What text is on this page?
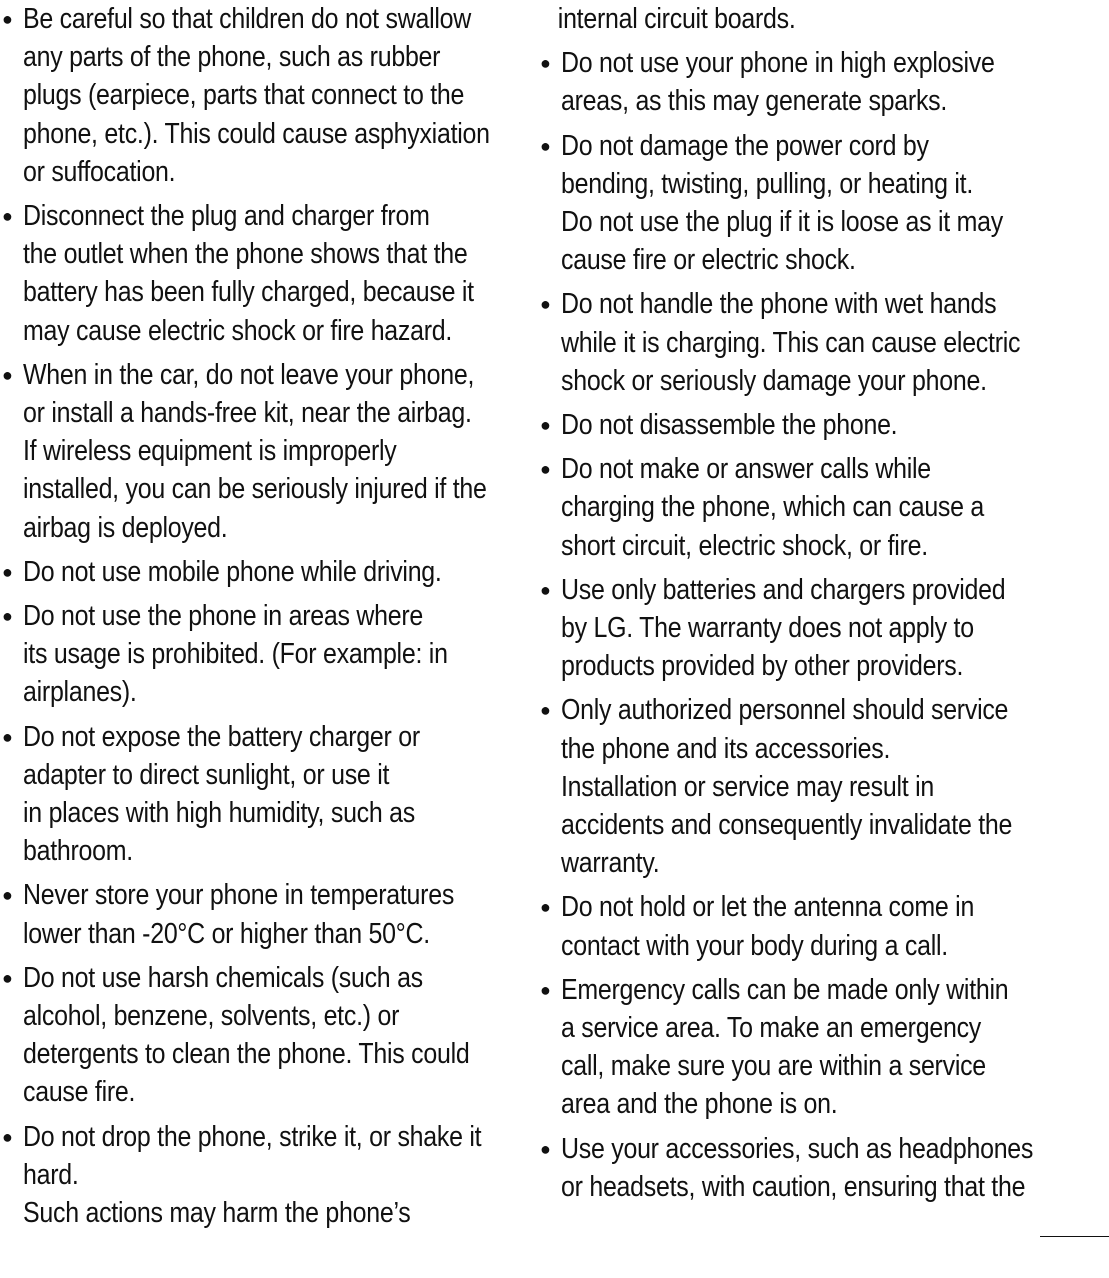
● Be careful so that children do not swallow
any parts of the phone, such as rubber
plugs (earpiece, parts that connect to the
phone, etc.). This could cause asphyxiation
or suffocation.
● Disconnect the plug and charger from
the outlet when the phone shows that the
battery has been fully charged, because it
may cause electric shock or fire hazard.
● When in the car, do not leave your phone,
or install a hands-free kit, near the airbag.
If wireless equipment is improperly
installed, you can be seriously injured if the
airbag is deployed.
● Do not use mobile phone while driving.
● Do not use the phone in areas where
its usage is prohibited. (For example: in
airplanes).
● Do not expose the battery charger or
adapter to direct sunlight, or use it
in places with high humidity, such as
bathroom.
● Never store your phone in temperatures
lower than -20°C or higher than 50°C.
● Do not use harsh chemicals (such as
alcohol, benzene, solvents, etc.) or
detergents to clean the phone. This could
cause fire.
● Do not drop the phone, strike it, or shake it
hard.
Such actions may harm the phone’s
internal circuit boards.
● Do not use your phone in high explosive
areas, as this may generate sparks.
● Do not damage the power cord by
bending, twisting, pulling, or heating it.
Do not use the plug if it is loose as it may
cause fire or electric shock.
● Do not handle the phone with wet hands
while it is charging. This can cause electric
shock or seriously damage your phone.
● Do not disassemble the phone.
● Do not make or answer calls while
charging the phone, which can cause a
short circuit, electric shock, or fire.
● Use only batteries and chargers provided
by LG. The warranty does not apply to
products provided by other providers.
● Only authorized personnel should service
the phone and its accessories.
Installation or service may result in
accidents and consequently invalidate the
warranty.
● Do not hold or let the antenna come in
contact with your body during a call.
● Emergency calls can be made only within
a service area. To make an emergency
call, make sure you are within a service
area and the phone is on.
● Use your accessories, such as headphones
or headsets, with caution, ensuring that the
